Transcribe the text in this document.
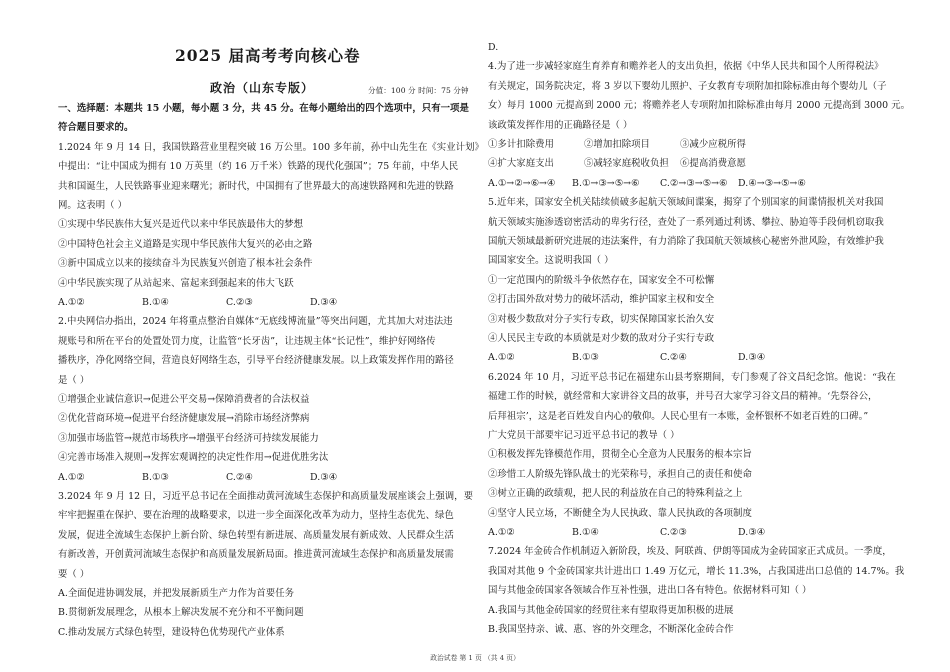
2025 届高考考向核心卷
政治（山东专版）	分值：100 分 时间：75 分钟
一、选择题：本题共 15 小题，每小题 3 分，共 45 分。在每小题给出的四个选项中，只有一项是
符合题目要求的。
1.2024 年 9 月 14 日，我国铁路营业里程突破 16 万公里。100 多年前，孙中山先生在《实业计划》
中提出：“让中国成为拥有 10 万英里（约 16 万千米）铁路的现代化强国”；75 年前，中华人民
共和国诞生，人民铁路事业迎来曙光；新时代，中国拥有了世界最大的高速铁路网和先进的铁路
网。这表明（ ）
①实现中华民族伟大复兴是近代以来中华民族最伟大的梦想
②中国特色社会主义道路是实现中华民族伟大复兴的必由之路
③新中国成立以来的接续奋斗为民族复兴创造了根本社会条件
④中华民族实现了从站起来、富起来到强起来的伟大飞跃
A.①②	B.①④	C.②③	D.③④
2.中央网信办指出，2024 年将重点整治自媒体“无底线博流量”等突出问题，尤其加大对违法违
规账号和所在平台的处置处罚力度，让监管“长牙齿”，让违规主体“长记性”，维护好网络传
播秩序，净化网络空间，营造良好网络生态，引导平台经济健康发展。以上政策发挥作用的路径
是（ ）
①增强企业诚信意识→促进公平交易→保障消费者的合法权益
②优化营商环境→促进平台经济健康发展→消除市场经济弊病
③加强市场监管→规范市场秩序→增强平台经济可持续发展能力
④完善市场准入规则→发挥宏观调控的决定性作用→促进优胜劣汰
A.①②	B.①③	C.②④	D.③④
3.2024 年 9 月 12 日，习近平总书记在全面推动黄河流域生态保护和高质量发展座谈会上强调，要
牢牢把握重在保护、要在治理的战略要求，以进一步全面深化改革为动力，坚持生态优先、绿色
发展，促进全流域生态保护上新台阶、绿色转型有新进展、高质量发展有新成效、人民群众生活
有新改善，开创黄河流域生态保护和高质量发展新局面。推进黄河流域生态保护和高质量发展需
要（ ）
A.全面促进协调发展，并把发展新质生产力作为首要任务
B.贯彻新发展理念，从根本上解决发展不充分和不平衡问题
C.推动发展方式绿色转型，建设特色优势现代产业体系
D.
4.为了进一步减轻家庭生育养育和赡养老人的支出负担，依据《中华人民共和国个人所得税法》
有关规定，国务院决定，将 3 岁以下婴幼儿照护、子女教育专项附加扣除标准由每个婴幼儿（子
女）每月 1000 元提高到 2000 元；将赡养老人专项附加扣除标准由每月 2000 元提高到 3000 元。
该政策发挥作用的正确路径是（ ）
①多计扣除费用	②增加扣除项目	③减少应税所得
④扩大家庭支出	⑤减轻家庭税收负担 ⑥提高消费意愿
A.①→②→⑥→④ B.①→③→⑤→⑥ C.②→③→⑤→⑥ D.④→③→⑤→⑥
5.近年来，国家安全机关陆续侦破多起航天领域间谍案，揭穿了个别国家的间谍情报机关对我国
航天领域实施渗透窃密活动的卑劣行径，查处了一系列通过利诱、攀拉、胁迫等手段伺机窃取我
国航天领域最新研究进展的违法案件，有力消除了我国航天领域核心秘密外泄风险，有效维护我
国国家安全。这说明我国（ ）
①一定范围内的阶级斗争依然存在，国家安全不可松懈
②打击国外敌对势力的破坏活动，维护国家主权和安全
③对极少数敌对分子实行专政，切实保障国家长治久安
④人民民主专政的本质就是对少数的敌对分子实行专政
A.①②	B.①③	C.②④	D.③④
6.2024 年 10 月，习近平总书记在福建东山县考察期间，专门参观了谷文昌纪念馆。他说：“我在
福建工作的时候，就经常和大家讲谷文昌的故事，并号召大家学习谷文昌的精神。‘先祭谷公，
后拜祖宗’，这是老百姓发自内心的敬仰。人民心里有一本账，金杯银杯不如老百姓的口碑。”
广大党员干部要牢记习近平总书记的教导（ ）
①积极发挥先锋模范作用，贯彻全心全意为人民服务的根本宗旨
②珍惜工人阶级先锋队战士的光荣称号，承担自己的责任和使命
③树立正确的政绩观，把人民的利益放在自己的特殊利益之上
④坚守人民立场，不断健全为人民执政、靠人民执政的各项制度
A.①②	B.①④	C.②③	D.③④
7.2024 年金砖合作机制迈入新阶段，埃及、阿联酋、伊朗等国成为金砖国家正式成员。一季度，
我国对其他 9 个金砖国家共计进出口 1.49 万亿元，增长 11.3%，占我国进出口总值的 14.7%。我
国与其他金砖国家各领域合作互补性强，进出口各有特色。依据材料可知（ ）
A.我国与其他金砖国家的经贸往来有望取得更加积极的进展
B.我国坚持亲、诚、惠、容的外交理念，不断深化金砖合作
政治试卷 第 1 页 （共 4 页）
